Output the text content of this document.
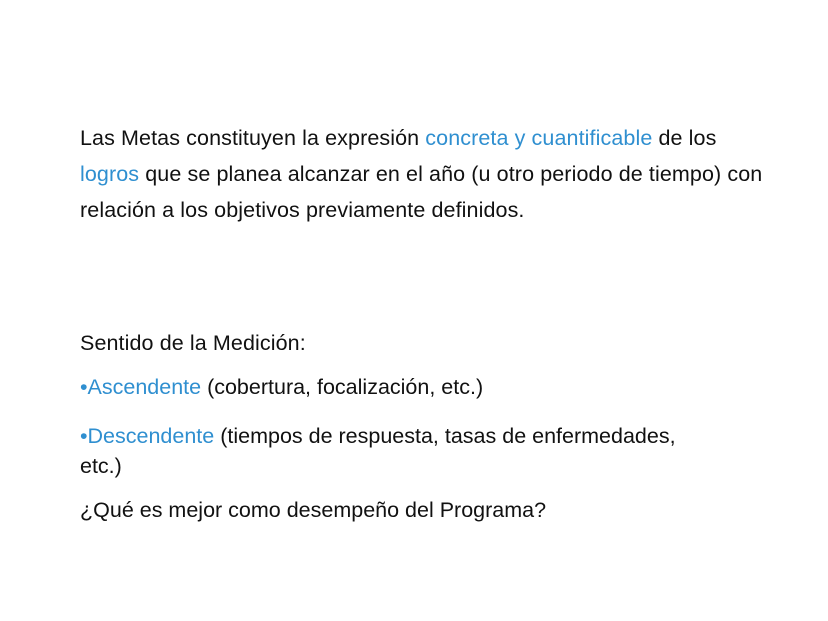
Las Metas constituyen la expresión concreta y cuantificable de los logros que se planea alcanzar en el año (u otro periodo de tiempo) con relación a los objetivos previamente definidos.
Sentido de la Medición:
•Ascendente (cobertura, focalización, etc.)
•Descendente (tiempos de respuesta, tasas de enfermedades, etc.)
¿Qué es mejor como desempeño del Programa?
